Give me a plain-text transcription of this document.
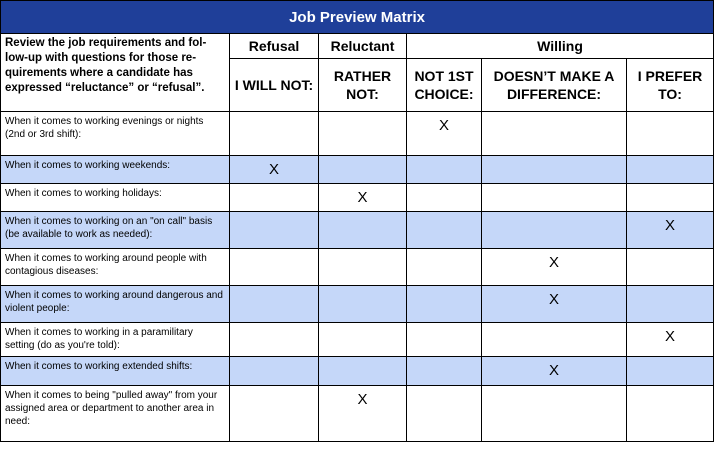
Job Preview Matrix					
Review the job requirements and fol-low-up with questions for those re-quirements where a candidate has expressed “reluctance” or “refusal”.	Refusal	Reluctant	Willing		
	I WILL NOT:	RATHER NOT:	NOT 1ST CHOICE:	DOESN’T MAKE A DIFFERENCE:	I PREFER TO:
When it comes to working evenings or nights (2nd or 3rd shift):			X		
When it comes to working weekends:	X				
When it comes to working holidays:		X			
When it comes to working on an "on call" basis (be available to work as needed):					X
When it comes to working around people with contagious diseases:				X	
When it comes to working around dangerous and violent people:				X	
When it comes to working in a paramilitary setting (do as you're told):					X
When it comes to working extended shifts:				X	
When it comes to being "pulled away" from your assigned area or department to another area in need:		X			
